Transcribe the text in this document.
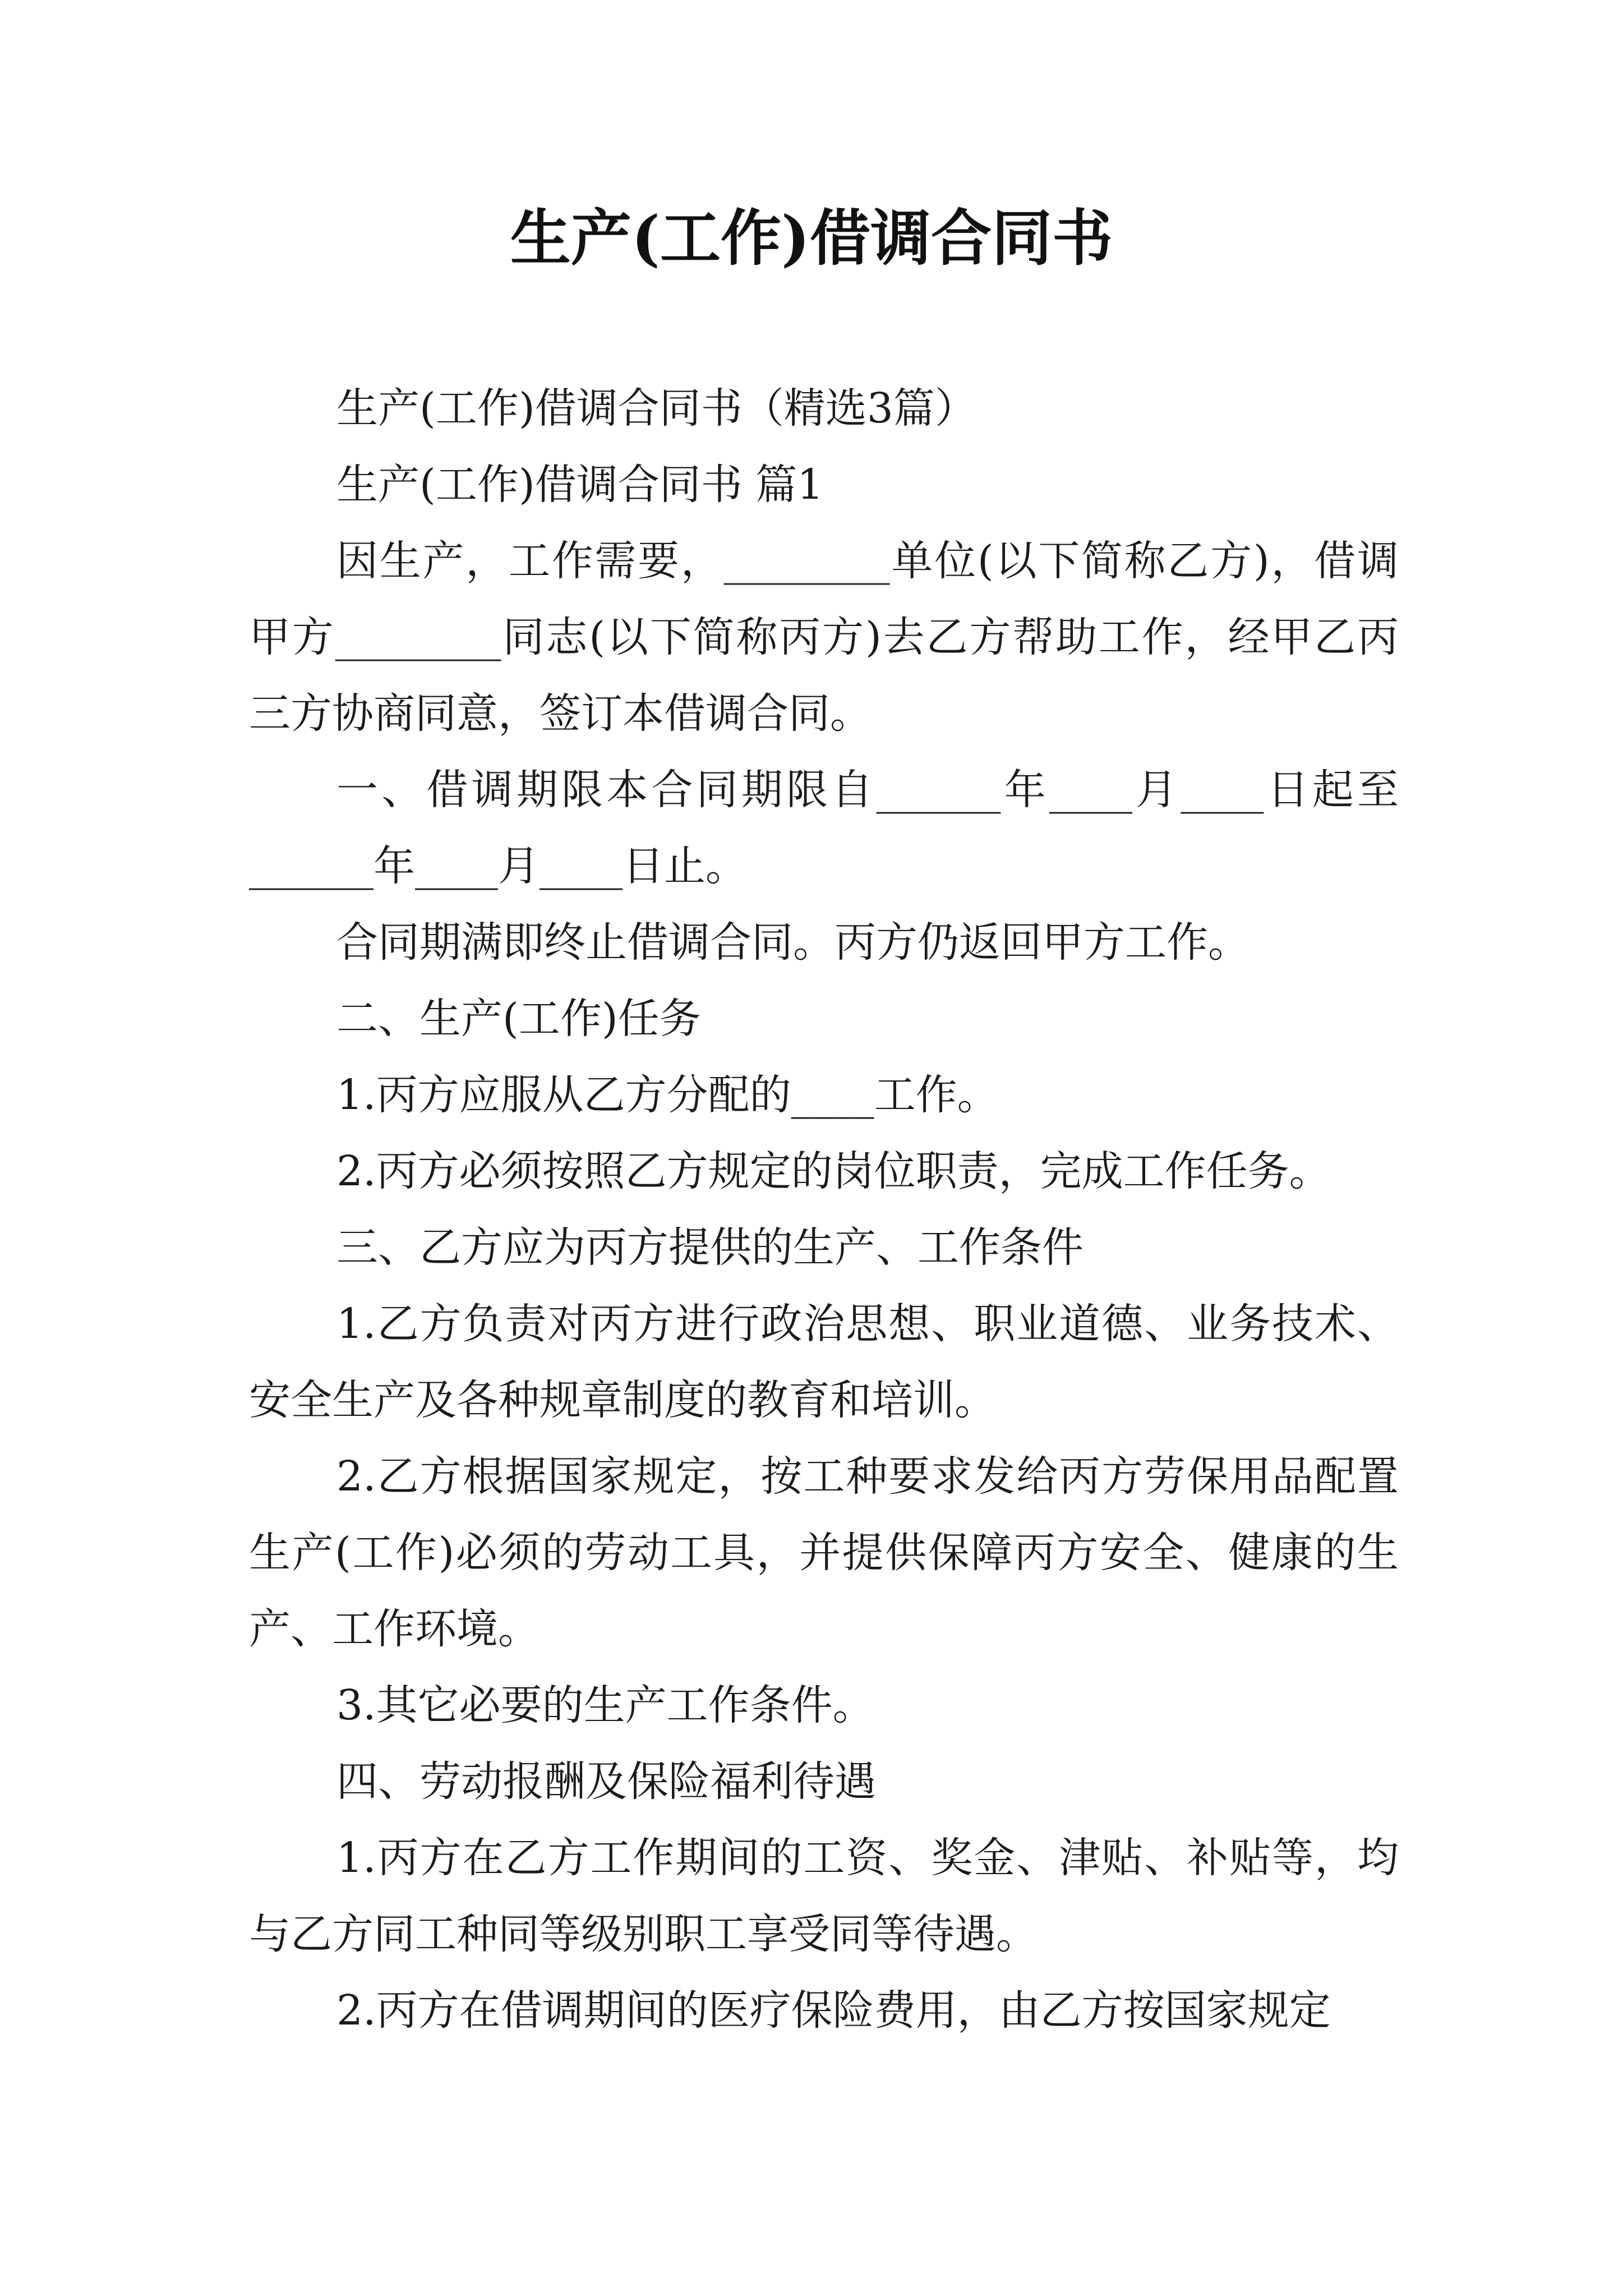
生产(工作)借调合同书

生产(工作)借调合同书（精选3篇）

生产(工作)借调合同书 篇1

因生产，工作需要，________单位(以下简称乙方)，借调甲方________同志(以下简称丙方)去乙方帮助工作，经甲乙丙三方协商同意，签订本借调合同。

一、借调期限本合同期限自______年____月____日起至______年____月____日止。

合同期满即终止借调合同。丙方仍返回甲方工作。

二、生产(工作)任务

1.丙方应服从乙方分配的____工作。

2.丙方必须按照乙方规定的岗位职责，完成工作任务。

三、乙方应为丙方提供的生产、工作条件

1.乙方负责对丙方进行政治思想、职业道德、业务技术、安全生产及各种规章制度的教育和培训。

2.乙方根据国家规定，按工种要求发给丙方劳保用品配置生产(工作)必须的劳动工具，并提供保障丙方安全、健康的生产、工作环境。

3.其它必要的生产工作条件。

四、劳动报酬及保险福利待遇

1.丙方在乙方工作期间的工资、奖金、津贴、补贴等，均与乙方同工种同等级别职工享受同等待遇。

2.丙方在借调期间的医疗保险费用，由乙方按国家规定
